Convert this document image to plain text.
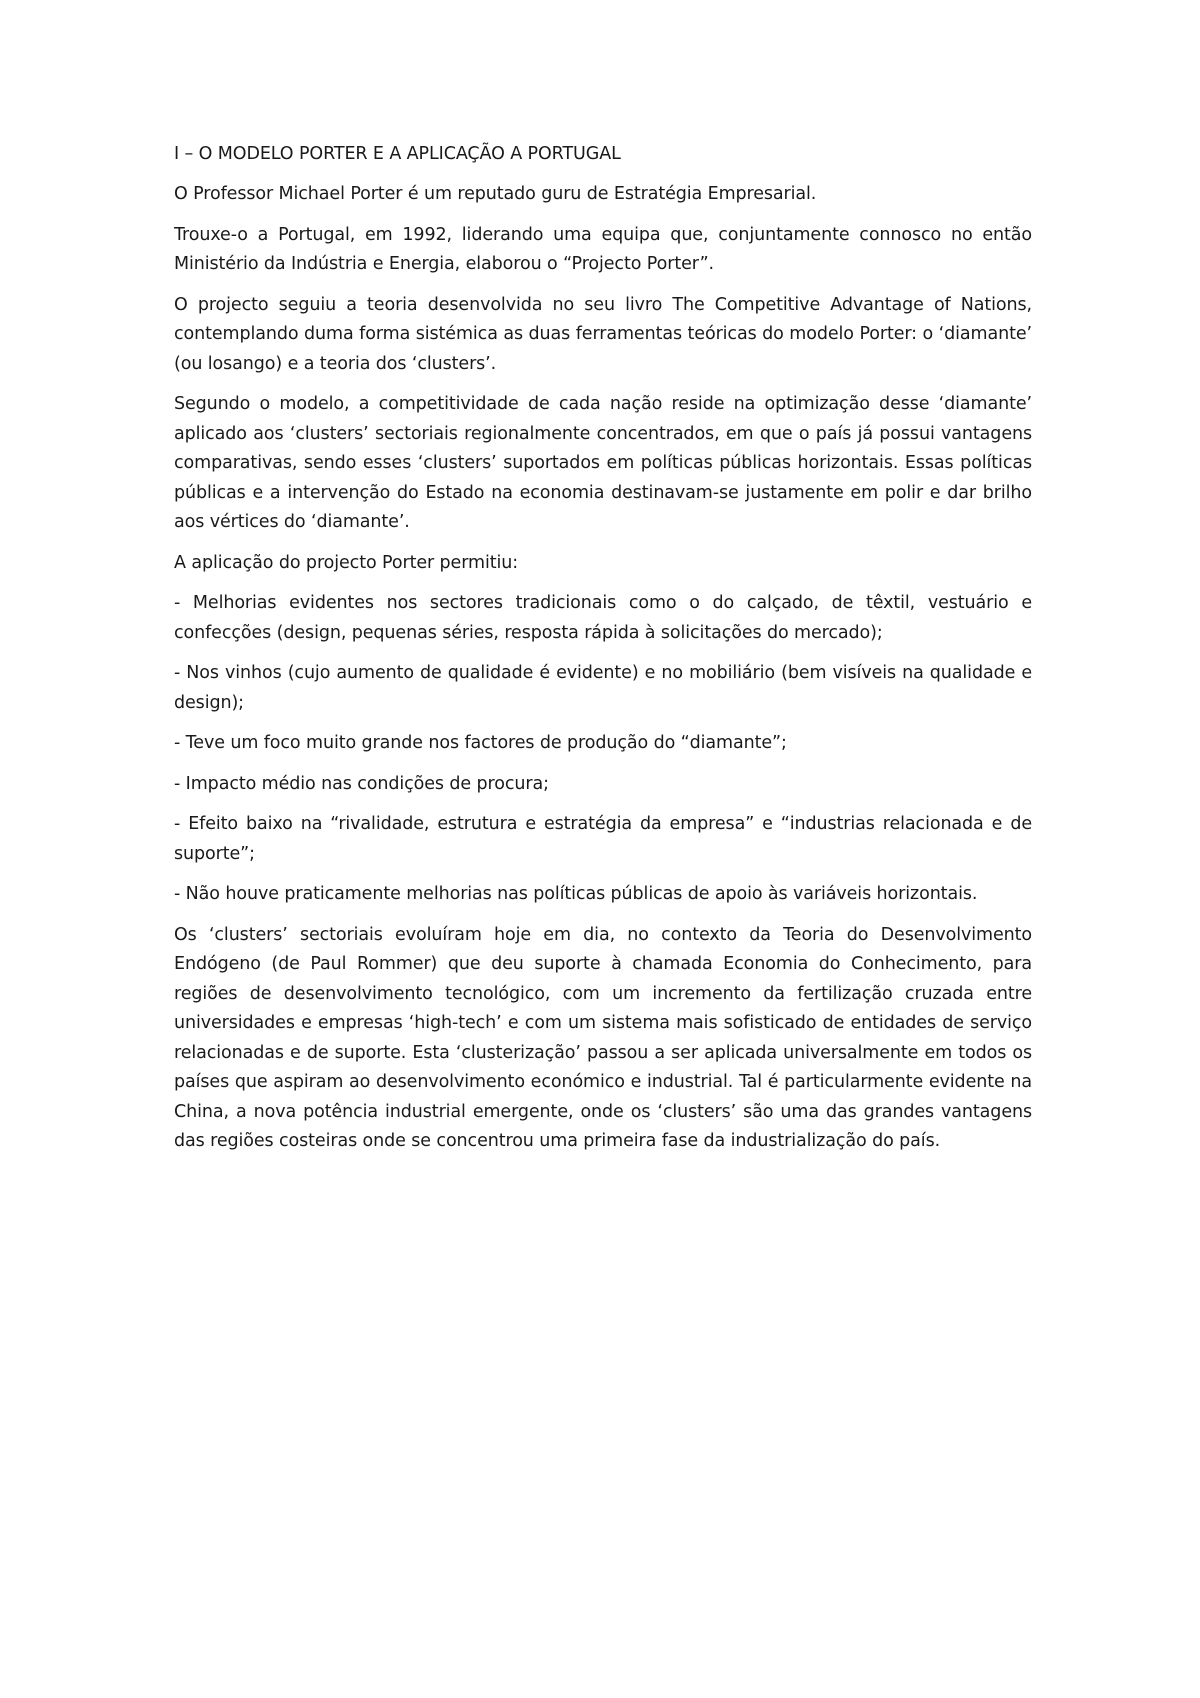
I – O MODELO PORTER E A APLICAÇÃO A PORTUGAL

O Professor Michael Porter é um reputado guru de Estratégia Empresarial.

Trouxe-o a Portugal, em 1992, liderando uma equipa que, conjuntamente connosco no então Ministério da Indústria e Energia, elaborou o “Projecto Porter”.

O projecto seguiu a teoria desenvolvida no seu livro The Competitive Advantage of Nations, contemplando duma forma sistémica as duas ferramentas teóricas do modelo Porter: o ‘diamante’ (ou losango) e a teoria dos ‘clusters’.

Segundo o modelo, a competitividade de cada nação reside na optimização desse ‘diamante’ aplicado aos ‘clusters’ sectoriais regionalmente concentrados, em que o país já possui vantagens comparativas, sendo esses ‘clusters’ suportados em políticas públicas horizontais. Essas políticas públicas e a intervenção do Estado na economia destinavam-se justamente em polir e dar brilho aos vértices do ‘diamante’.

A aplicação do projecto Porter permitiu:

- Melhorias evidentes nos sectores tradicionais como o do calçado, de têxtil, vestuário e confecções (design, pequenas séries, resposta rápida à solicitações do mercado);

- Nos vinhos (cujo aumento de qualidade é evidente) e no mobiliário (bem visíveis na qualidade e design);

- Teve um foco muito grande nos factores de produção do “diamante”;

- Impacto médio nas condições de procura;

- Efeito baixo na “rivalidade, estrutura e estratégia da empresa” e “industrias relacionada e de suporte”;

- Não houve praticamente melhorias nas políticas públicas de apoio às variáveis horizontais.

Os ‘clusters’ sectoriais evoluíram hoje em dia, no contexto da Teoria do Desenvolvimento Endógeno (de Paul Rommer) que deu suporte à chamada Economia do Conhecimento, para regiões de desenvolvimento tecnológico, com um incremento da fertilização cruzada entre universidades e empresas ‘high-tech’ e com um sistema mais sofisticado de entidades de serviço relacionadas e de suporte. Esta ‘clusterização’ passou a ser aplicada universalmente em todos os países que aspiram ao desenvolvimento económico e industrial. Tal é particularmente evidente na China, a nova potência industrial emergente, onde os ‘clusters’ são uma das grandes vantagens das regiões costeiras onde se concentrou uma primeira fase da industrialização do país.
